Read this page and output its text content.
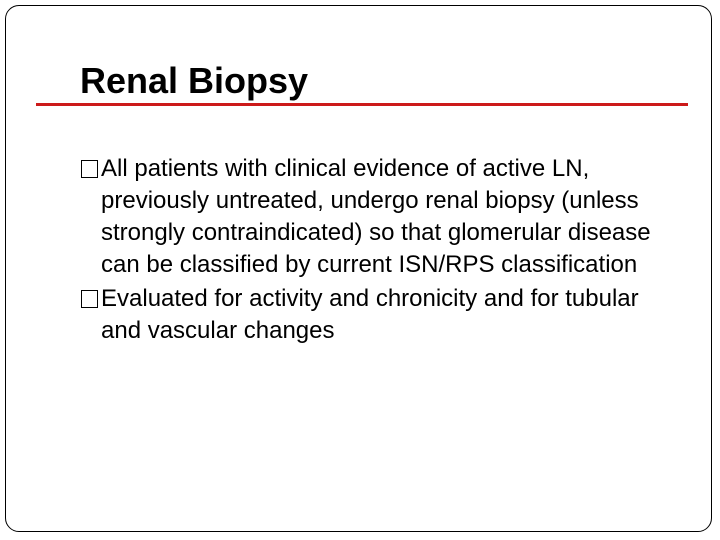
Renal Biopsy

All patients with clinical evidence of active LN, previously untreated, undergo renal biopsy (unless strongly contraindicated) so that glomerular disease can be classified by current ISN/RPS classification

Evaluated for activity and chronicity and for tubular and vascular changes
